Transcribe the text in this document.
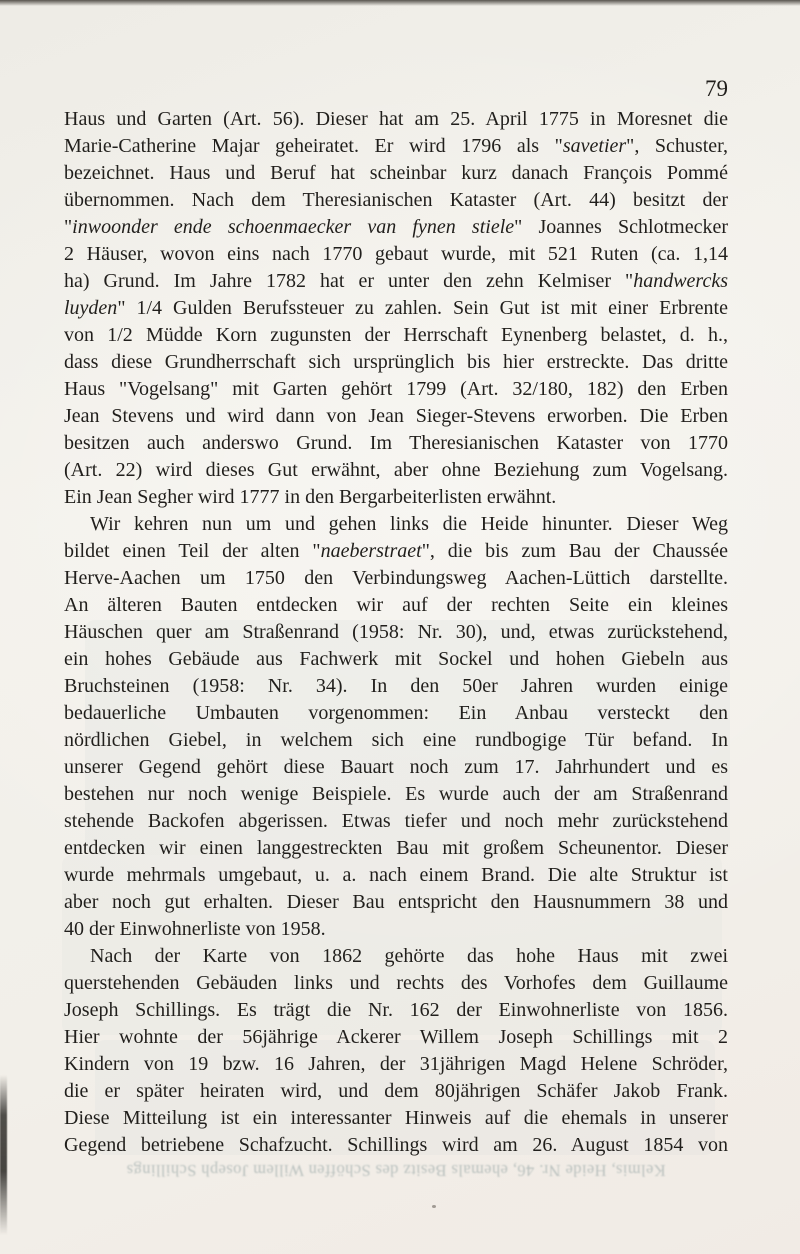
79
Haus und Garten (Art. 56). Dieser hat am 25. April 1775 in Moresnet die
Marie-Catherine Majar geheiratet. Er wird 1796 als "savetier", Schuster,
bezeichnet. Haus und Beruf hat scheinbar kurz danach François Pommé
übernommen. Nach dem Theresianischen Kataster (Art. 44) besitzt der
"inwoonder ende schoenmaecker van fynen stiele" Joannes Schlotmecker
2 Häuser, wovon eins nach 1770 gebaut wurde, mit 521 Ruten (ca. 1,14
ha) Grund. Im Jahre 1782 hat er unter den zehn Kelmiser "handwercks
luyden" 1/4 Gulden Berufssteuer zu zahlen. Sein Gut ist mit einer Erbrente
von 1/2 Müdde Korn zugunsten der Herrschaft Eynenberg belastet, d. h.,
dass diese Grundherrschaft sich ursprünglich bis hier erstreckte. Das dritte
Haus "Vogelsang" mit Garten gehört 1799 (Art. 32/180, 182) den Erben
Jean Stevens und wird dann von Jean Sieger-Stevens erworben. Die Erben
besitzen auch anderswo Grund. Im Theresianischen Kataster von 1770
(Art. 22) wird dieses Gut erwähnt, aber ohne Beziehung zum Vogelsang.
Ein Jean Segher wird 1777 in den Bergarbeiterlisten erwähnt.
Wir kehren nun um und gehen links die Heide hinunter. Dieser Weg
bildet einen Teil der alten "naeberstraet", die bis zum Bau der Chaussée
Herve-Aachen um 1750 den Verbindungsweg Aachen-Lüttich darstellte.
An älteren Bauten entdecken wir auf der rechten Seite ein kleines
Häuschen quer am Straßenrand (1958: Nr. 30), und, etwas zurückstehend,
ein hohes Gebäude aus Fachwerk mit Sockel und hohen Giebeln aus
Bruchsteinen (1958: Nr. 34). In den 50er Jahren wurden einige
bedauerliche Umbauten vorgenommen: Ein Anbau versteckt den
nördlichen Giebel, in welchem sich eine rundbogige Tür befand. In
unserer Gegend gehört diese Bauart noch zum 17. Jahrhundert und es
bestehen nur noch wenige Beispiele. Es wurde auch der am Straßenrand
stehende Backofen abgerissen. Etwas tiefer und noch mehr zurückstehend
entdecken wir einen langgestreckten Bau mit großem Scheunentor. Dieser
wurde mehrmals umgebaut, u. a. nach einem Brand. Die alte Struktur ist
aber noch gut erhalten. Dieser Bau entspricht den Hausnummern 38 und
40 der Einwohnerliste von 1958.
Nach der Karte von 1862 gehörte das hohe Haus mit zwei
querstehenden Gebäuden links und rechts des Vorhofes dem Guillaume
Joseph Schillings. Es trägt die Nr. 162 der Einwohnerliste von 1856.
Hier wohnte der 56jährige Ackerer Willem Joseph Schillings mit 2
Kindern von 19 bzw. 16 Jahren, der 31jährigen Magd Helene Schröder,
die er später heiraten wird, und dem 80jährigen Schäfer Jakob Frank.
Diese Mitteilung ist ein interessanter Hinweis auf die ehemals in unserer
Gegend betriebene Schafzucht. Schillings wird am 26. August 1854 von
Kelmis, Heide Nr. 46, ehemals Besitz des Schöffen Willem Joseph Schillings
